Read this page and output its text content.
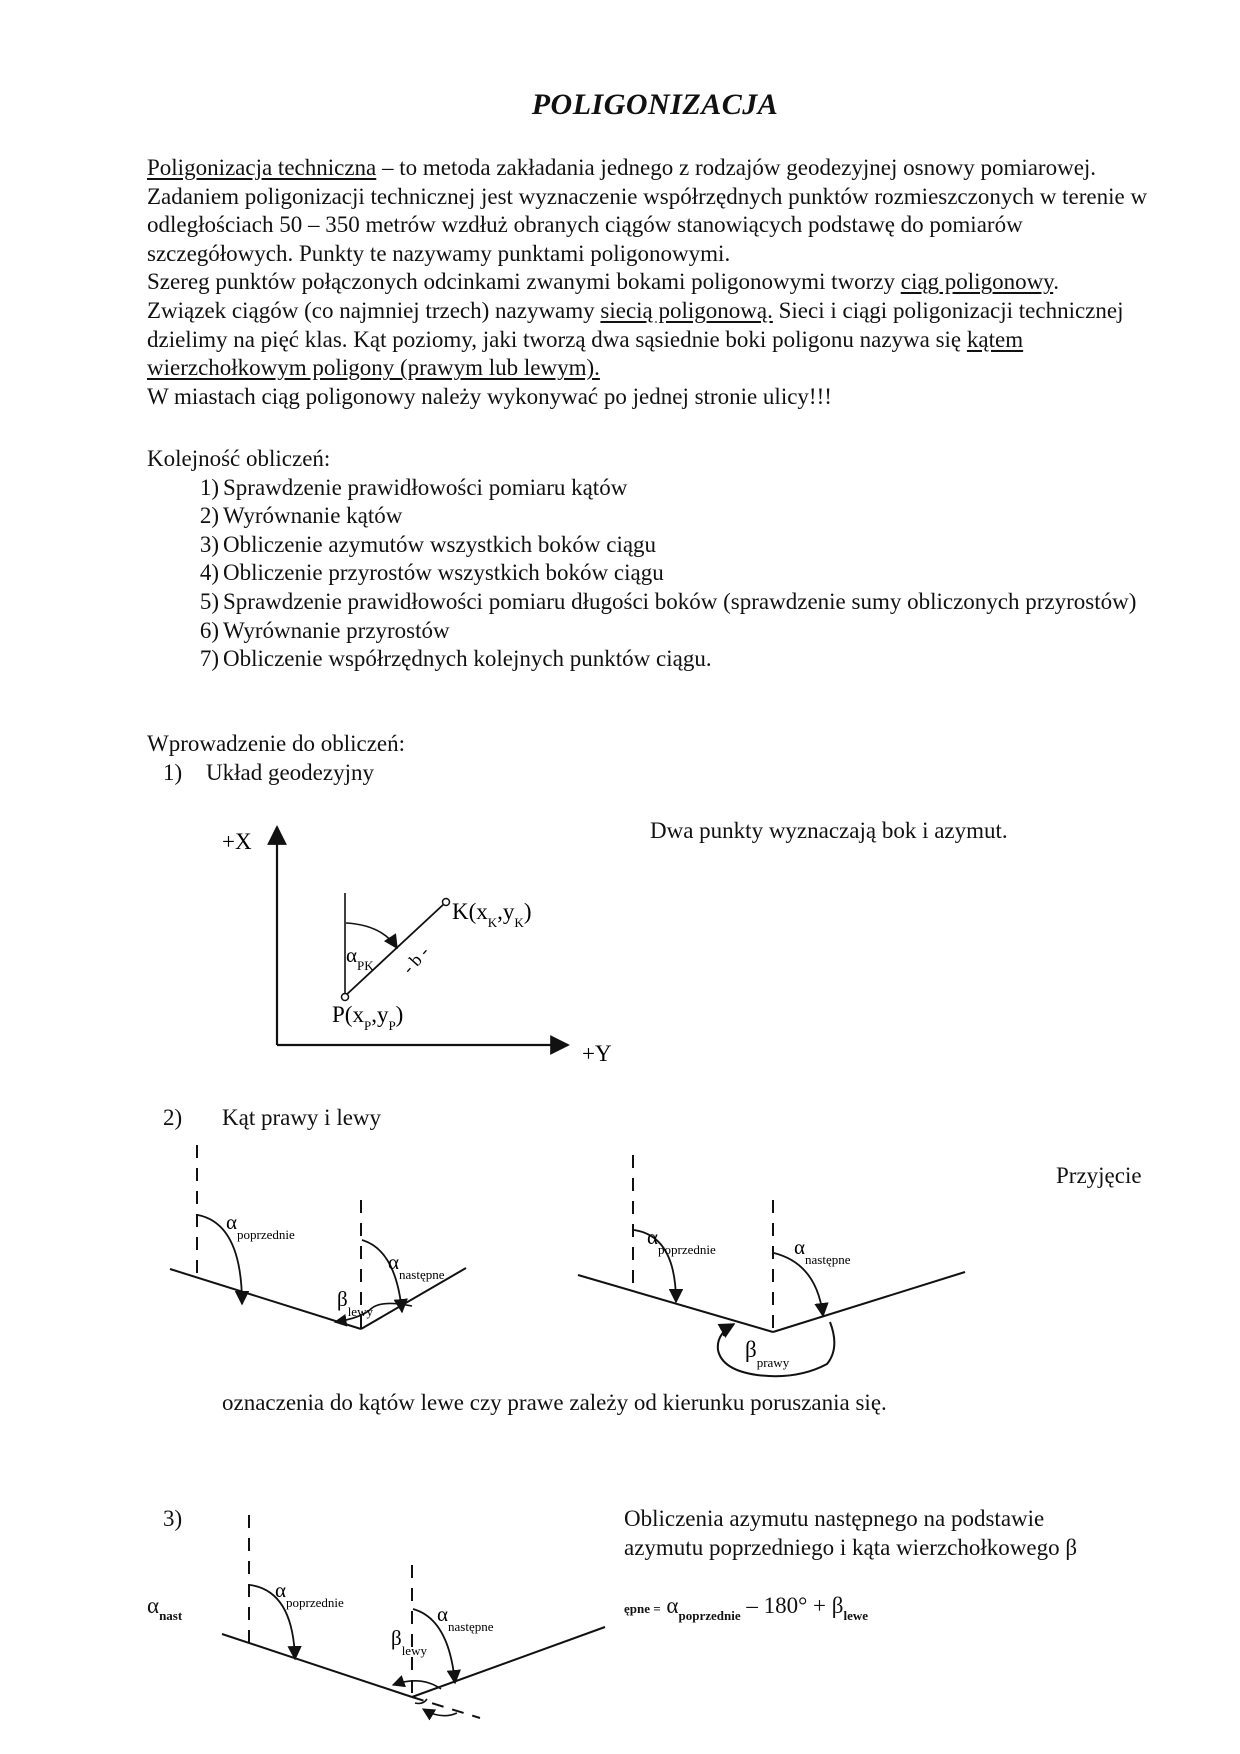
POLIGONIZACJA

Poligonizacja techniczna – to metoda zakładania jednego z rodzajów geodezyjnej osnowy pomiarowej. Zadaniem poligonizacji technicznej jest wyznaczenie współrzędnych punktów rozmieszczonych w terenie w odległościach 50 – 350 metrów wzdłuż obranych ciągów stanowiących podstawę do pomiarów szczegółowych. Punkty te nazywamy punktami poligonowymi.

Szereg punktów połączonych odcinkami zwanymi bokami poligonowymi tworzy ciąg poligonowy.

Związek ciągów (co najmniej trzech) nazywamy siecią poligonową. Sieci i ciągi poligonizacji technicznej dzielimy na pięć klas. Kąt poziomy, jaki tworzą dwa sąsiednie boki poligonu nazywa się kątem wierzchołkowym poligony (prawym lub lewym).

W miastach ciąg poligonowy należy wykonywać po jednej stronie ulicy!!!

Kolejność obliczeń:
1) Sprawdzenie prawidłowości pomiaru kątów
2) Wyrównanie kątów
3) Obliczenie azymutów wszystkich boków ciągu
4) Obliczenie przyrostów wszystkich boków ciągu
5) Sprawdzenie prawidłowości pomiaru długości boków (sprawdzenie sumy obliczonych przyrostów)
6) Wyrównanie przyrostów
7) Obliczenie współrzędnych kolejnych punktów ciągu.
Wprowadzenie do obliczeń:
1) Układ geodezyjny
Dwa punkty wyznaczają bok i azymut.
+X
+Y
$\alpha_{PK}$ - b -
$K(x_K,y_K)$
$P(x_P,y_P)$
2) Kąt prawy i lewy
Przyjęcie
oznaczenia do kątów lewe czy prawe zależy od kierunku poruszania się.
$\alpha_{poprzednie}$
$\alpha_{następne}$
$\beta_{lewy}$
$\alpha_{poprzednie}$	$\alpha_{następne}$
$\beta_{prawy}$
3)	Obliczenia azymutu następnego na podstawie
azymutu poprzedniego i kąta wierzchołkowego β
$\alpha_{nast}$	ępne = $\alpha_{poprzednie} - 180^\circ + \beta_{lewe}$
$\alpha_{poprzednie}$	$\alpha_{następne}$
$\beta_{lewy}$
